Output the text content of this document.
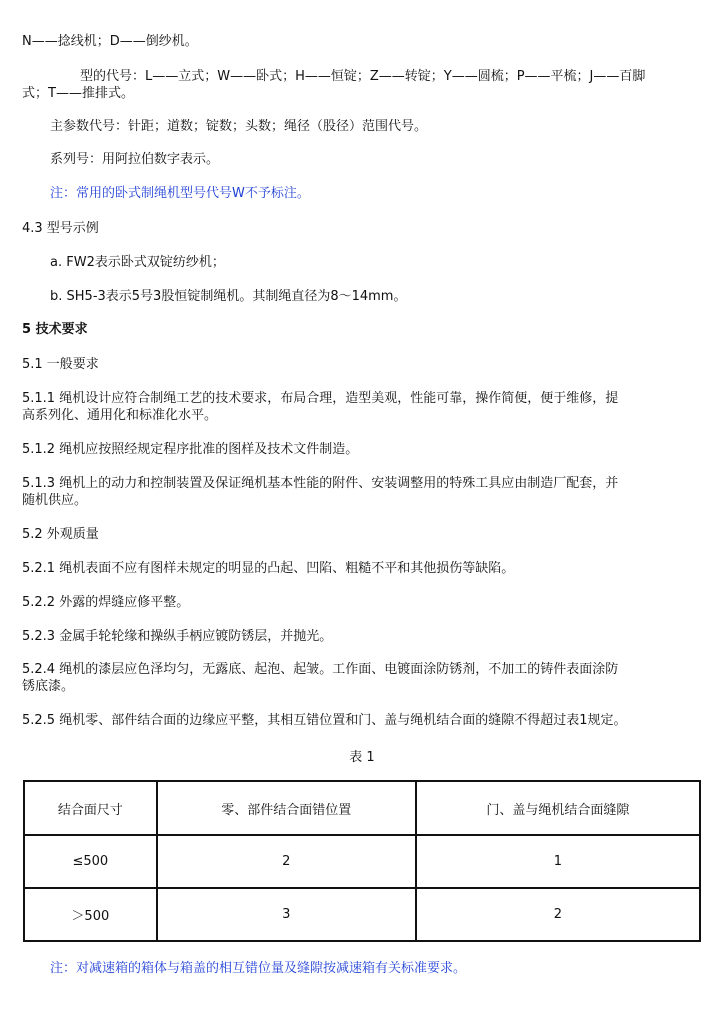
N——捻线机；D——倒纱机。
型的代号：L——立式；W——卧式；H——恒锭；Z——转锭；Y——圆梳；P——平梳；J——百脚
式；T——推排式。
主参数代号：针距；道数；锭数；头数；绳径（股径）范围代号。
系列号：用阿拉伯数字表示。
注：常用的卧式制绳机型号代号W不予标注。
4.3 型号示例
a. FW2表示卧式双锭纺纱机；
b. SH5-3表示5号3股恒锭制绳机。其制绳直径为8～14mm。
5 技术要求
5.1 一般要求
5.1.1 绳机设计应符合制绳工艺的技术要求，布局合理，造型美观，性能可靠，操作简便，便于维修，提
高系列化、通用化和标准化水平。
5.1.2 绳机应按照经规定程序批准的图样及技术文件制造。
5.1.3 绳机上的动力和控制装置及保证绳机基本性能的附件、安装调整用的特殊工具应由制造厂配套，并
随机供应。
5.2 外观质量
5.2.1 绳机表面不应有图样未规定的明显的凸起、凹陷、粗糙不平和其他损伤等缺陷。
5.2.2 外露的焊缝应修平整。
5.2.3 金属手轮轮缘和操纵手柄应镀防锈层，并抛光。
5.2.4 绳机的漆层应色泽均匀，无露底、起泡、起皱。工作面、电镀面涂防锈剂，不加工的铸件表面涂防
锈底漆。
5.2.5 绳机零、部件结合面的边缘应平整，其相互错位置和门、盖与绳机结合面的缝隙不得超过表1规定。
表 1
结合面尺寸	零、部件结合面错位置	门、盖与绳机结合面缝隙
≤500	2	1
＞500	3	2
注：对减速箱的箱体与箱盖的相互错位量及缝隙按减速箱有关标准要求。
